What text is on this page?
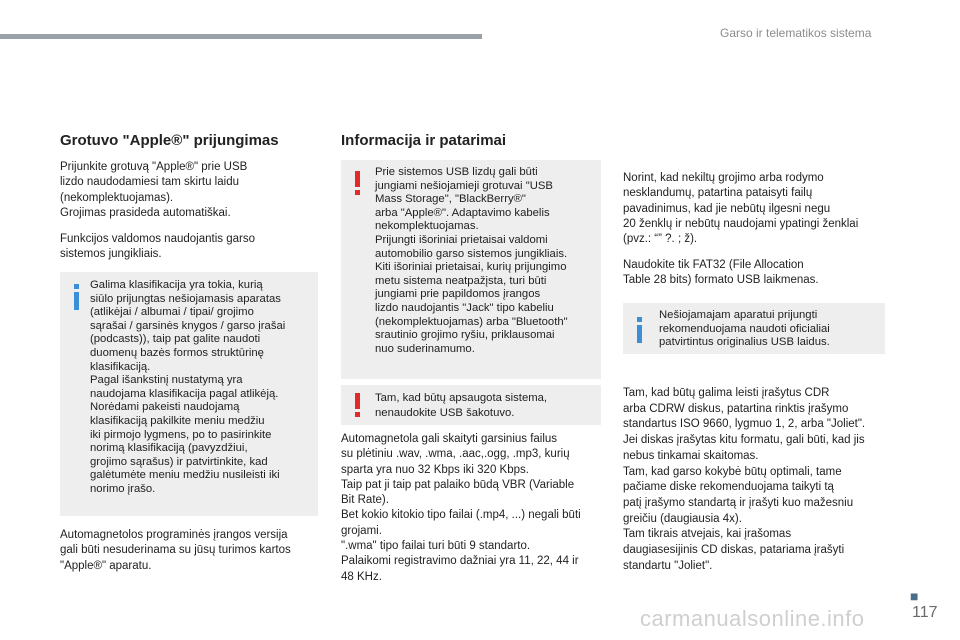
Garso ir telematikos sistema
Grotuvo "Apple®" prijungimas

Prijunkite grotuvą "Apple®" prie USB
lizdo naudodamiesi tam skirtu laidu
(nekomplektuojamas).
Grojimas prasideda automatiškai.

Funkcijos valdomos naudojantis garso
sistemos jungikliais.

Galima klasifikacija yra tokia, kurią
siūlo prijungtas nešiojamasis aparatas
(atlikėjai / albumai / tipai/ grojimo
sąrašai / garsinės knygos / garso įrašai
(podcasts)), taip pat galite naudoti
duomenų bazės formos struktūrinę
klasifikaciją.
Pagal išankstinį nustatymą yra
naudojama klasifikacija pagal atlikėją.
Norėdami pakeisti naudojamą
klasifikaciją pakilkite meniu medžiu
iki pirmojo lygmens, po to pasirinkite
norimą klasifikaciją (pavyzdžiui,
grojimo sąrašus) ir patvirtinkite, kad
galėtumėte meniu medžiu nusileisti iki
norimo įrašo.

Automagnetolos programinės įrangos versija
gali būti nesuderinama su jūsų turimos kartos
"Apple®" aparatu.

Informacija ir patarimai
Prie sistemos USB lizdų gali būti
jungiami nešiojamieji grotuvai "USB
Mass Storage", "BlackBerry®"
arba "Apple®". Adaptavimo kabelis
nekomplektuojamas.
Prijungti išoriniai prietaisai valdomi
automobilio garso sistemos jungikliais.
Kiti išoriniai prietaisai, kurių prijungimo
metu sistema neatpažįsta, turi būti
jungiami prie papildomos įrangos
lizdo naudojantis "Jack" tipo kabeliu
(nekomplektuojamas) arba "Bluetooth"
srautinio grojimo ryšiu, priklausomai
nuo suderinamumo.
Tam, kad būtų apsaugota sistema,
nenaudokite USB šakotuvo.

Automagnetola gali skaityti garsinius failus
su plėtiniu .wav, .wma, .aac,.ogg, .mp3, kurių
sparta yra nuo 32 Kbps iki 320 Kbps.
Taip pat ji taip pat palaiko būdą VBR (Variable
Bit Rate).
Bet kokio kitokio tipo failai (.mp4, ...) negali būti
grojami.
".wma" tipo failai turi būti 9 standarto.
Palaikomi registravimo dažniai yra 11, 22, 44 ir
48 KHz.

Norint, kad nekiltų grojimo arba rodymo
nesklandumų, patartina pataisyti failų
pavadinimus, kad jie nebūtų ilgesni negu
20 ženklų ir nebūtų naudojami ypatingi ženklai
(pvz.: “” ?. ; ž).

Naudokite tik FAT32 (File Allocation
Table 28 bits) formato USB laikmenas.

Nešiojamajam aparatui prijungti
rekomenduojama naudoti oficialiai
patvirtintus originalius USB laidus.

Tam, kad būtų galima leisti įrašytus CDR
arba CDRW diskus, patartina rinktis įrašymo
standartus ISO 9660, lygmuo 1, 2, arba "Joliet".
Jei diskas įrašytas kitu formatu, gali būti, kad jis
nebus tinkamai skaitomas.
Tam, kad garso kokybė būtų optimali, tame
pačiame diske rekomenduojama taikyti tą
patį įrašymo standartą ir įrašyti kuo mažesniu
greičiu (daugiausia 4x).
Tam tikrais atvejais, kai įrašomas
daugiasesijinis CD diskas, patariama įrašyti
standartu "Joliet".

■
carmanualsonline.info	117
